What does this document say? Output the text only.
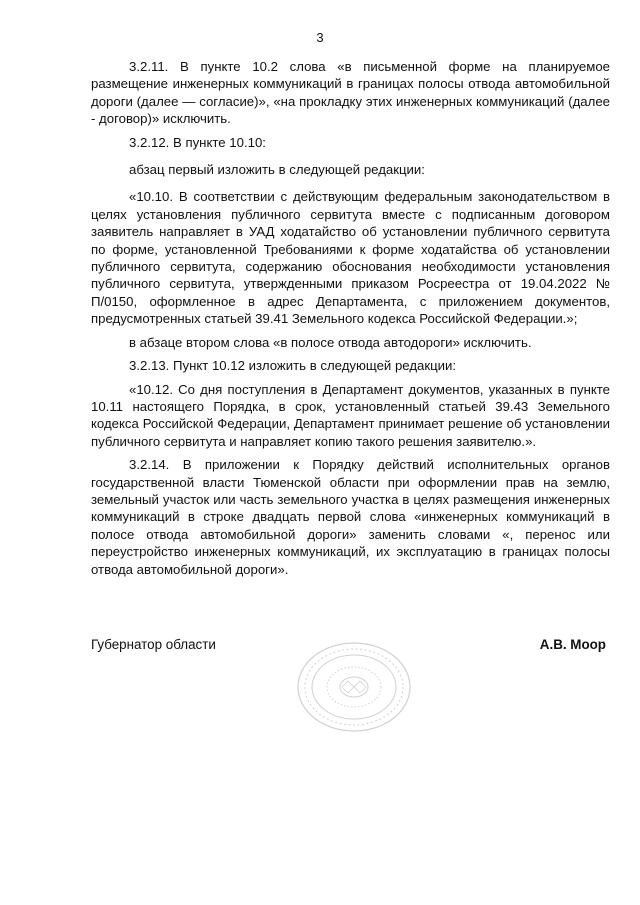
3

3.2.11. В пункте 10.2 слова «в письменной форме на планируемое размещение инженерных коммуникаций в границах полосы отвода автомобильной дороги (далее — согласие)», «на прокладку этих инженерных коммуникаций (далее - договор)» исключить.

3.2.12. В пункте 10.10:

абзац первый изложить в следующей редакции:

«10.10. В соответствии с действующим федеральным законодательством в целях установления публичного сервитута вместе с подписанным договором заявитель направляет в УАД ходатайство об установлении публичного сервитута по форме, установленной Требованиями к форме ходатайства об установлении публичного сервитута, содержанию обоснования необходимости установления публичного сервитута, утвержденными приказом Росреестра от 19.04.2022 № П/0150, оформленное в адрес Департамента, с приложением документов, предусмотренных статьей 39.41 Земельного кодекса Российской Федерации.»;

в абзаце втором слова «в полосе отвода автодороги» исключить.

3.2.13. Пункт 10.12 изложить в следующей редакции:

«10.12. Со дня поступления в Департамент документов, указанных в пункте 10.11 настоящего Порядка, в срок, установленный статьей 39.43 Земельного кодекса Российской Федерации, Департамент принимает решение об установлении публичного сервитута и направляет копию такого решения заявителю.».

3.2.14. В приложении к Порядку действий исполнительных органов государственной власти Тюменской области при оформлении прав на землю, земельный участок или часть земельного участка в целях размещения инженерных коммуникаций в строке двадцать первой слова «инженерных коммуникаций в полосе отвода автомобильной дороги» заменить словами «, перенос или переустройство инженерных коммуникаций, их эксплуатацию в границах полосы отвода автомобильной дороги».

Губернатор области	А.В. Моор
